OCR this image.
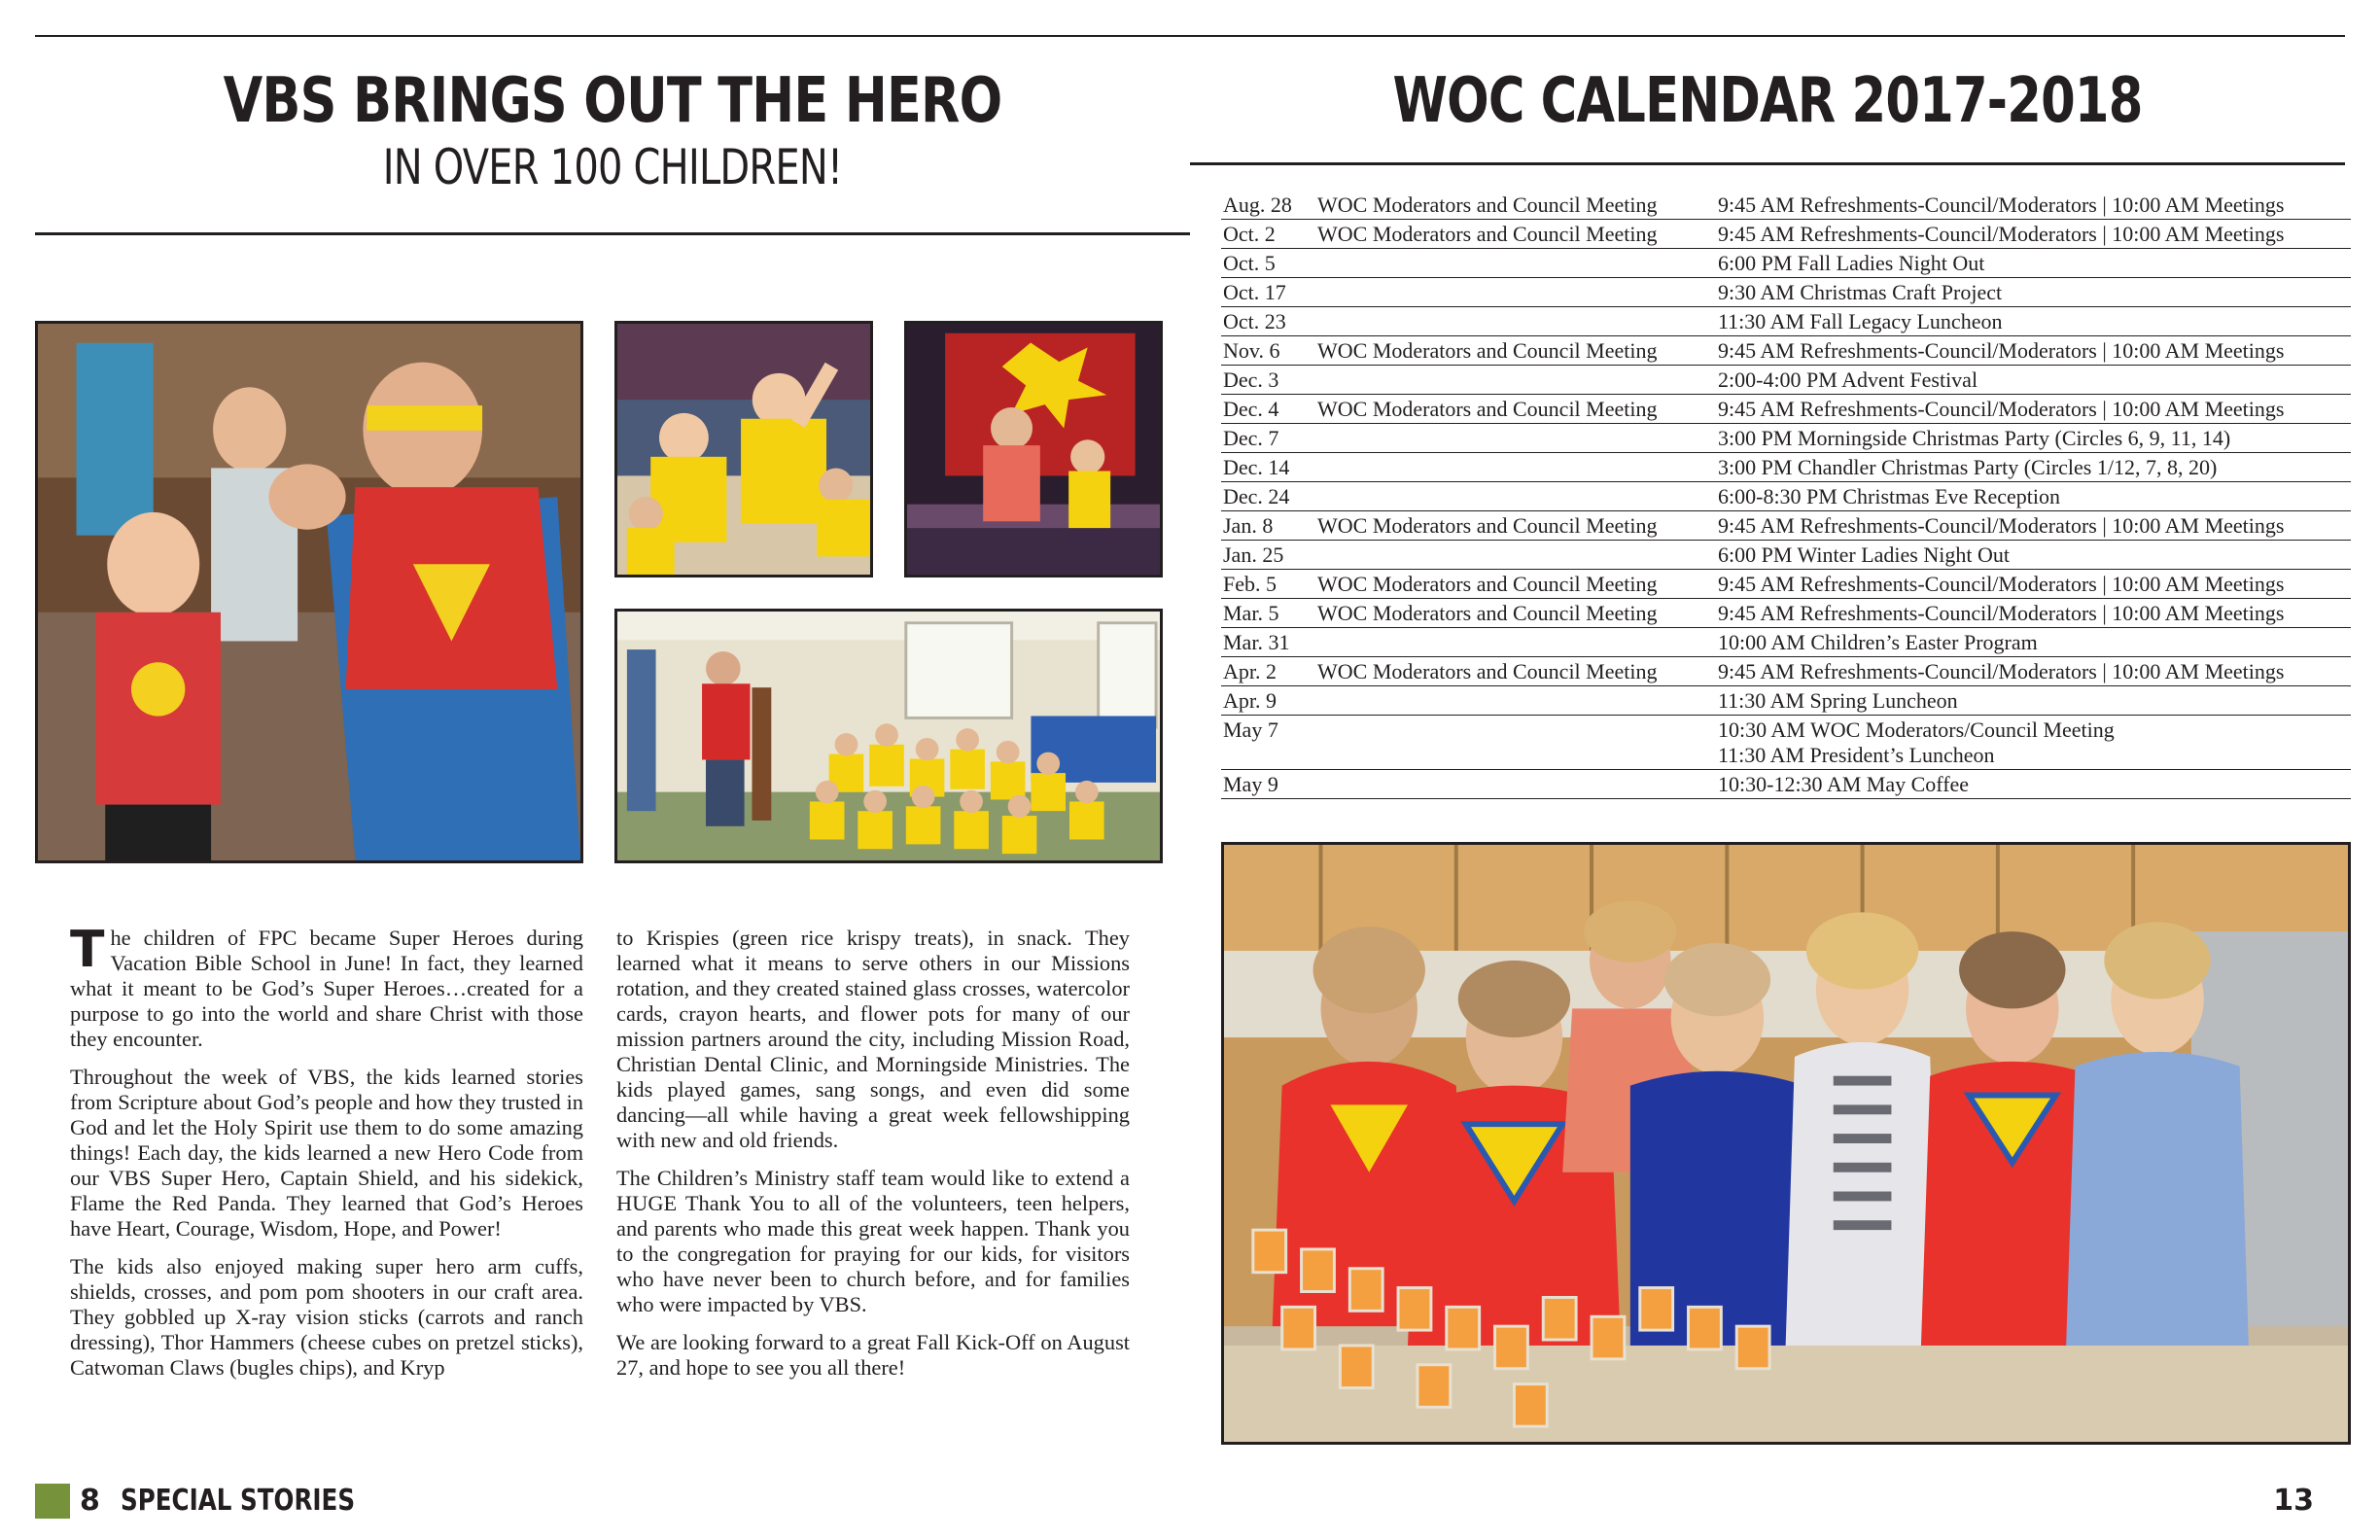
VBS BRINGS OUT THE HERO
IN OVER 100 CHILDREN!

The children of FPC became Super Heroes during Vacation Bible School in June! In fact, they learned what it meant to be God’s Super Heroes…created for a purpose to go into the world and share Christ with those they encounter.

Throughout the week of VBS, the kids learned stories from Scripture about God’s people and how they trusted in God and let the Holy Spirit use them to do some amazing things! Each day, the kids learned a new Hero Code from our VBS Super Hero, Captain Shield, and his sidekick, Flame the Red Panda. They learned that God’s Heroes have Heart, Courage, Wisdom, Hope, and Power!

The kids also enjoyed making super hero arm cuffs, shields, crosses, and pom pom shooters in our craft area. They gobbled up X-ray vision sticks (carrots and ranch dressing), Thor Hammers (cheese cubes on pretzel sticks), Catwoman Claws (bugles chips), and Kryp

to Krispies (green rice krispy treats), in snack. They learned what it means to serve others in our Missions rotation, and they created stained glass crosses, watercolor cards, crayon hearts, and flower pots for many of our mission partners around the city, including Mission Road, Christian Dental Clinic, and Morningside Ministries. The kids played games, sang songs, and even did some dancing—all while having a great week fellowshipping with new and old friends.

The Children’s Ministry staff team would like to extend a HUGE Thank You to all of the volunteers, teen helpers, and parents who made this great week happen. Thank you to the congregation for praying for our kids, for visitors who have never been to church before, and for families who were impacted by VBS.

We are looking forward to a great Fall Kick-Off on August 27, and hope to see you all there!

8 SPECIAL STORIES
WOC CALENDAR 2017-2018
Aug. 28	WOC Moderators and Council Meeting	9:45 AM Refreshments-Council/Moderators | 10:00 AM Meetings
Oct. 2	WOC Moderators and Council Meeting	9:45 AM Refreshments-Council/Moderators | 10:00 AM Meetings
Oct. 5	6:00 PM Fall Ladies Night Out
Oct. 17	9:30 AM Christmas Craft Project
Oct. 23	11:30 AM Fall Legacy Luncheon
Nov. 6	WOC Moderators and Council Meeting	9:45 AM Refreshments-Council/Moderators | 10:00 AM Meetings
Dec. 3	2:00-4:00 PM Advent Festival
Dec. 4	WOC Moderators and Council Meeting	9:45 AM Refreshments-Council/Moderators | 10:00 AM Meetings
Dec. 7	3:00 PM Morningside Christmas Party (Circles 6, 9, 11, 14)
Dec. 14	3:00 PM Chandler Christmas Party (Circles 1/12, 7, 8, 20)
Dec. 24	6:00-8:30 PM Christmas Eve Reception
Jan. 8	WOC Moderators and Council Meeting	9:45 AM Refreshments-Council/Moderators | 10:00 AM Meetings
Jan. 25	6:00 PM Winter Ladies Night Out
Feb. 5	WOC Moderators and Council Meeting	9:45 AM Refreshments-Council/Moderators | 10:00 AM Meetings
Mar. 5	WOC Moderators and Council Meeting	9:45 AM Refreshments-Council/Moderators | 10:00 AM Meetings
Mar. 31	10:00 AM Children’s Easter Program
Apr. 2	WOC Moderators and Council Meeting	9:45 AM Refreshments-Council/Moderators | 10:00 AM Meetings
Apr. 9	11:30 AM Spring Luncheon
May 7	10:30 AM WOC Moderators/Council Meeting
11:30 AM President’s Luncheon
May 9	10:30-12:30 AM May Coffee
13
